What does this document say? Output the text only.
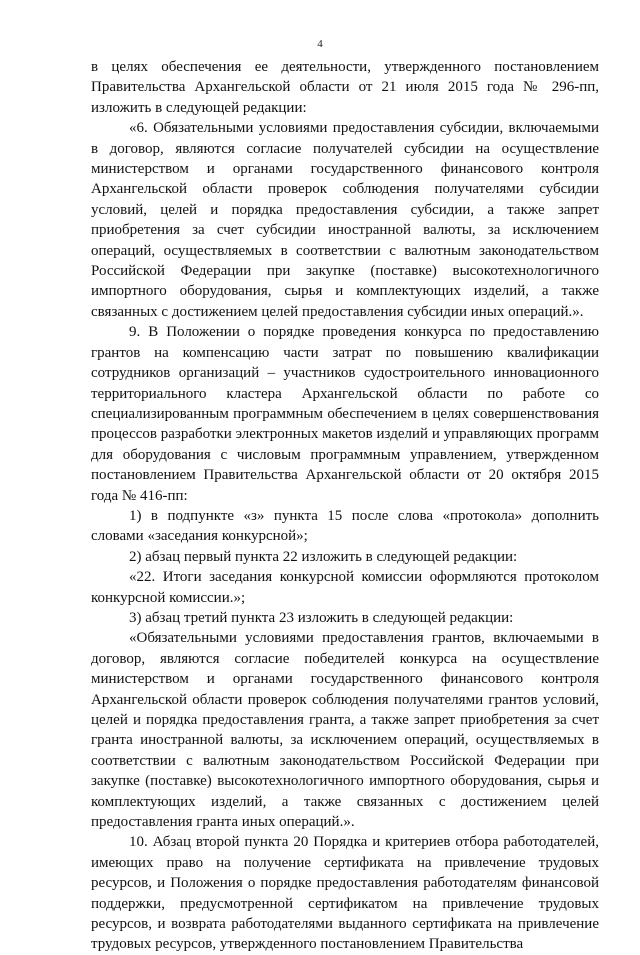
4

в целях обеспечения ее деятельности, утвержденного постановлением Правительства Архангельской области от 21 июля 2015 года № 296-пп, изложить в следующей редакции:

«6. Обязательными условиями предоставления субсидии, включаемыми в договор, являются согласие получателей субсидии на осуществление министерством и органами государственного финансового контроля Архангельской области проверок соблюдения получателями субсидии условий, целей и порядка предоставления субсидии, а также запрет приобретения за счет субсидии иностранной валюты, за исключением операций, осуществляемых в соответствии с валютным законодательством Российской Федерации при закупке (поставке) высокотехнологичного импортного оборудования, сырья и комплектующих изделий, а также связанных с достижением целей предоставления субсидии иных операций.».

9. В Положении о порядке проведения конкурса по предоставлению грантов на компенсацию части затрат по повышению квалификации сотрудников организаций – участников судостроительного инновационного территориального кластера Архангельской области по работе со специализированным программным обеспечением в целях совершенствования процессов разработки электронных макетов изделий и управляющих программ для оборудования с числовым программным управлением, утвержденном постановлением Правительства Архангельской области от 20 октября 2015 года № 416-пп:

1) в подпункте «з» пункта 15 после слова «протокола» дополнить словами «заседания конкурсной»;

2) абзац первый пункта 22 изложить в следующей редакции:

«22. Итоги заседания конкурсной комиссии оформляются протоколом конкурсной комиссии.»;

3) абзац третий пункта 23 изложить в следующей редакции:

«Обязательными условиями предоставления грантов, включаемыми в договор, являются согласие победителей конкурса на осуществление министерством и органами государственного финансового контроля Архангельской области проверок соблюдения получателями грантов условий, целей и порядка предоставления гранта, а также запрет приобретения за счет гранта иностранной валюты, за исключением операций, осуществляемых в соответствии с валютным законодательством Российской Федерации при закупке (поставке) высокотехнологичного импортного оборудования, сырья и комплектующих изделий, а также связанных с достижением целей предоставления гранта иных операций.».

10. Абзац второй пункта 20 Порядка и критериев отбора работодателей, имеющих право на получение сертификата на привлечение трудовых ресурсов, и Положения о порядке предоставления работодателям финансовой поддержки, предусмотренной сертификатом на привлечение трудовых ресурсов, и возврата работодателями выданного сертификата на привлечение трудовых ресурсов, утвержденного постановлением Правительства
